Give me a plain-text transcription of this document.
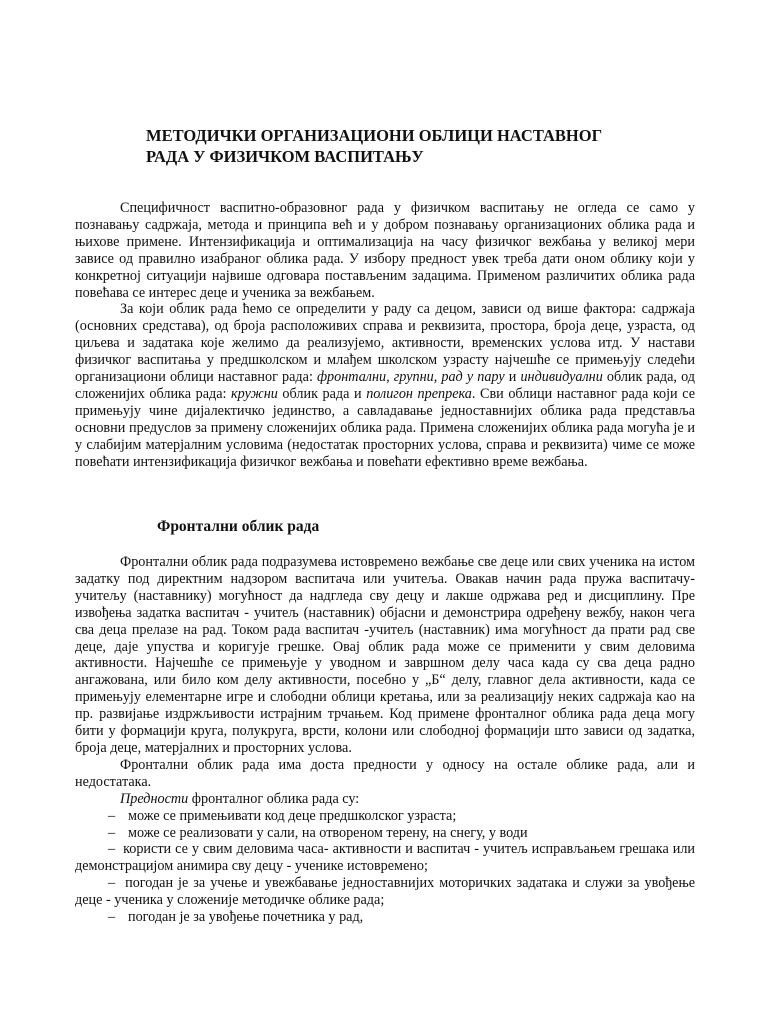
МЕТОДИЧКИ ОРГАНИЗАЦИОНИ ОБЛИЦИ НАСТАВНОГ
РАДА У ФИЗИЧКОМ ВАСПИТАЊУ

Специфичност васпитно-образовног рада у физичком васпитању не огледа се само у познавању садржаја, метода и принципа већ и у добром познавању организационих облика рада и њихове примене. Интензификација и оптимализација на часу физичког вежбања у великој мери зависе од правилно изабраног облика рада. У избору предност увек треба дати оном облику који у конкретној ситуацији највише одговара постављеним задацима. Применом различитих облика рада повећава се интерес деце и ученика за вежбањем.

За који облик рада ћемо се определити у раду са децом, зависи од више фактора: садржаја (основних средстава), од броја расположивих справа и реквизита, простора, броја деце, узраста, од циљева и задатака које желимо да реализујемо, активности, временских услова итд. У настави физичког васпитања у предшколском и млађем школском узрасту најчешће се примењују следећи организациони облици наставног рада: фронтални, групни, рад у пару и индивидуални облик рада, од сложенијих облика рада: кружни облик рада и полигон препрека. Сви облици наставног рада који се примењују чине дијалектичко јединство, а савладавање једноставнијих облика рада представља основни предуслов за примену сложенијих облика рада. Примена сложенијих облика рада могућа је и у слабијим матерјалним условима (недостатак просторних услова, справа и реквизита) чиме се може повећати интензификација физичког вежбања и повећати ефективно време вежбања.

Фронтални облик рада

Фронтални облик рада подразумева истовремено вежбање све деце или свих ученика на истом задатку под директним надзором васпитача или учитеља. Овакав начин рада пружа васпитачу- учитељу (наставнику) могућност да надгледа сву децу и лакше одржава ред и дисциплину. Пре извођења задатка васпитач - учитељ (наставник) објасни и демонстрира одређену вежбу, након чега сва деца прелазе на рад. Током рада васпитач -учитељ (наставник) има могућност да прати рад све деце, даје упуства и коригује грешке. Овај облик рада може се применити у свим деловима активности. Најчешће се примењује у уводном и завршном делу часа када су сва деца радно ангажована, или било ком делу активности, посебно у „Б“ делу, главног дела активности, када се примењују елементарне игре и слободни облици кретања, или за реализацију неких садржаја као на пр. развијање издржљивости истрајним трчањем. Код примене фронталног облика рада деца могу бити у формацији круга, полукруга, врсти, колони или слободној формацији што зависи од задатка, броја деце, матерјалних и просторних услова.

Фронтални облик рада има доста предности у односу на остале облике рада, али и недостатака.

Предности фронталног облика рада су:

– може се примењивати код деце предшколског узраста;
– може се реализовати у сали, на отвореном терену, на снегу, у води
– користи се у свим деловима часа- активности и васпитач - учитељ исправљањем грешака или демонстрацијом анимира сву децу - ученике истовремено;
– погодан је за учење и увежбавање једноставнијих моторичких задатака и служи за увођење деце - ученика у сложеније методичке облике рада;
– погодан је за увођење почетника у рад,
